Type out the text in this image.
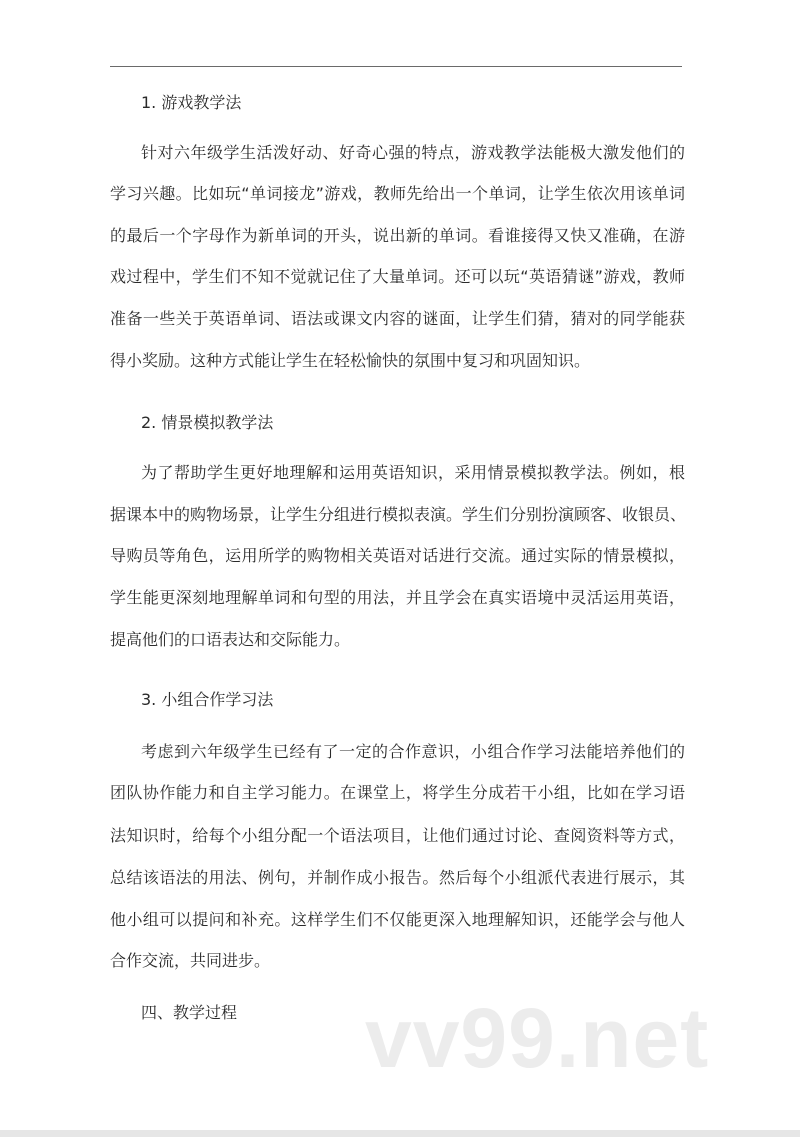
1. 游戏教学法
针对六年级学生活泼好动、好奇心强的特点，游戏教学法能极大激发他们的
学习兴趣。比如玩“单词接龙”游戏，教师先给出一个单词，让学生依次用该单词
的最后一个字母作为新单词的开头，说出新的单词。看谁接得又快又准确，在游
戏过程中，学生们不知不觉就记住了大量单词。还可以玩“英语猜谜”游戏，教师
准备一些关于英语单词、语法或课文内容的谜面，让学生们猜，猜对的同学能获
得小奖励。这种方式能让学生在轻松愉快的氛围中复习和巩固知识。
2. 情景模拟教学法
为了帮助学生更好地理解和运用英语知识，采用情景模拟教学法。例如，根
据课本中的购物场景，让学生分组进行模拟表演。学生们分别扮演顾客、收银员、
导购员等角色，运用所学的购物相关英语对话进行交流。通过实际的情景模拟，
学生能更深刻地理解单词和句型的用法，并且学会在真实语境中灵活运用英语，
提高他们的口语表达和交际能力。
3. 小组合作学习法
考虑到六年级学生已经有了一定的合作意识，小组合作学习法能培养他们的
团队协作能力和自主学习能力。在课堂上，将学生分成若干小组，比如在学习语
法知识时，给每个小组分配一个语法项目，让他们通过讨论、查阅资料等方式，
总结该语法的用法、例句，并制作成小报告。然后每个小组派代表进行展示，其
他小组可以提问和补充。这样学生们不仅能更深入地理解知识，还能学会与他人
合作交流，共同进步。
四、教学过程 vv99.net
